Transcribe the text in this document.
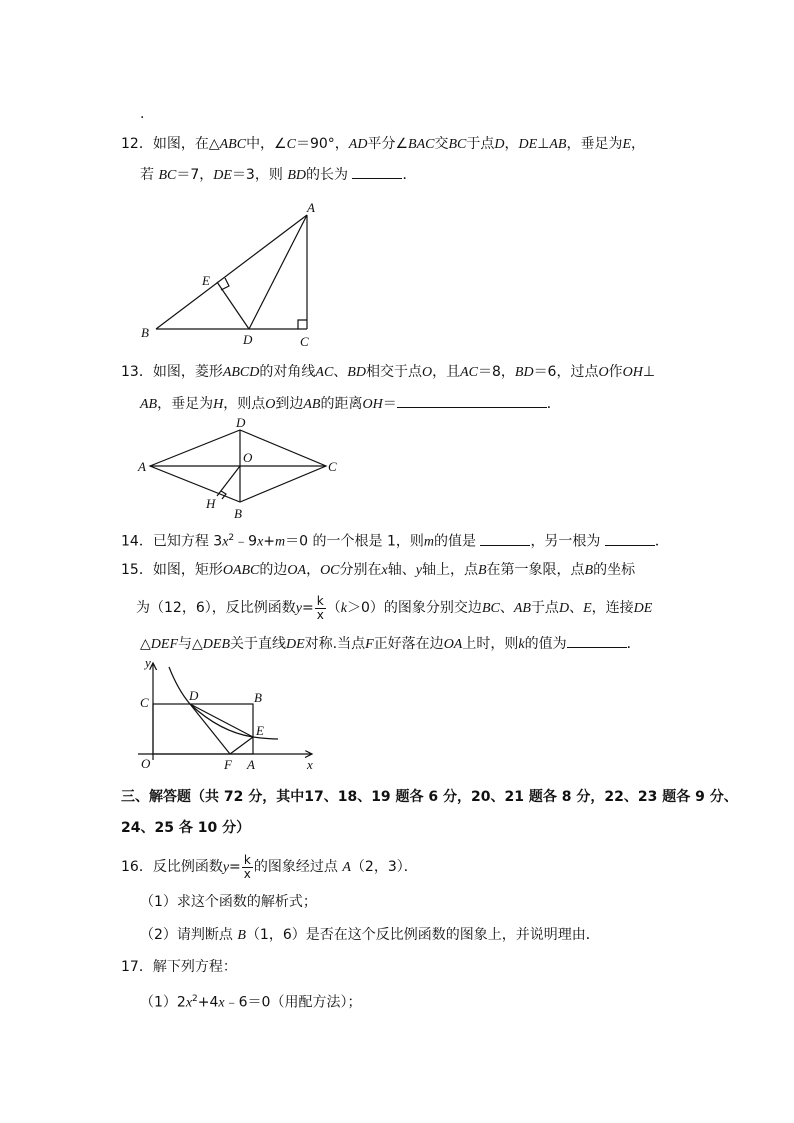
.
12．如图，在△ABC中，∠C＝90°，AD平分∠BAC交BC于点D，DE⊥AB，垂足为E，
若 BC＝7，DE＝3，则 BD的长为	．
A
E
B	D	C
13．如图，菱形ABCD的对角线AC、BD相交于点O，且AC＝8，BD＝6，过点O作OH⊥
AB，垂足为H，则点O到边AB的距离OH＝	．
D
A
O
C
H
B
14．已知方程 $3x^2﹣9x+m=0$ 的一个根是 1，则m的值是	，另一根为	．
15．如图，矩形OABC的边OA，OC分别在x轴、y轴上，点B在第一象限，点B的坐标
为（12，6），反比例函数$y= \frac{k}{x} (k>0)$的图象分别交边BC、AB于点D、E，连接DE
△DEF与△DEB关于直线DE对称.当点F正好落在边OA上时，则k的值为	．
y
C	D	B
E
O	F A	x
三、解答题（共 72 分，其中17、18、19 题各 6 分，20、21 题各 8 分，22、23 题各 9 分、
24、25 各 10 分）
16．反比例函数$y= \frac{k}{x}$ 的图象经过点 A（2，3）．
（1）求这个函数的解析式；
（2）请判断点 B（1，6）是否在这个反比例函数的图象上，并说明理由．
17．解下列方程：
$(1)2x^2+4x﹣6=0$（用配方法）；
